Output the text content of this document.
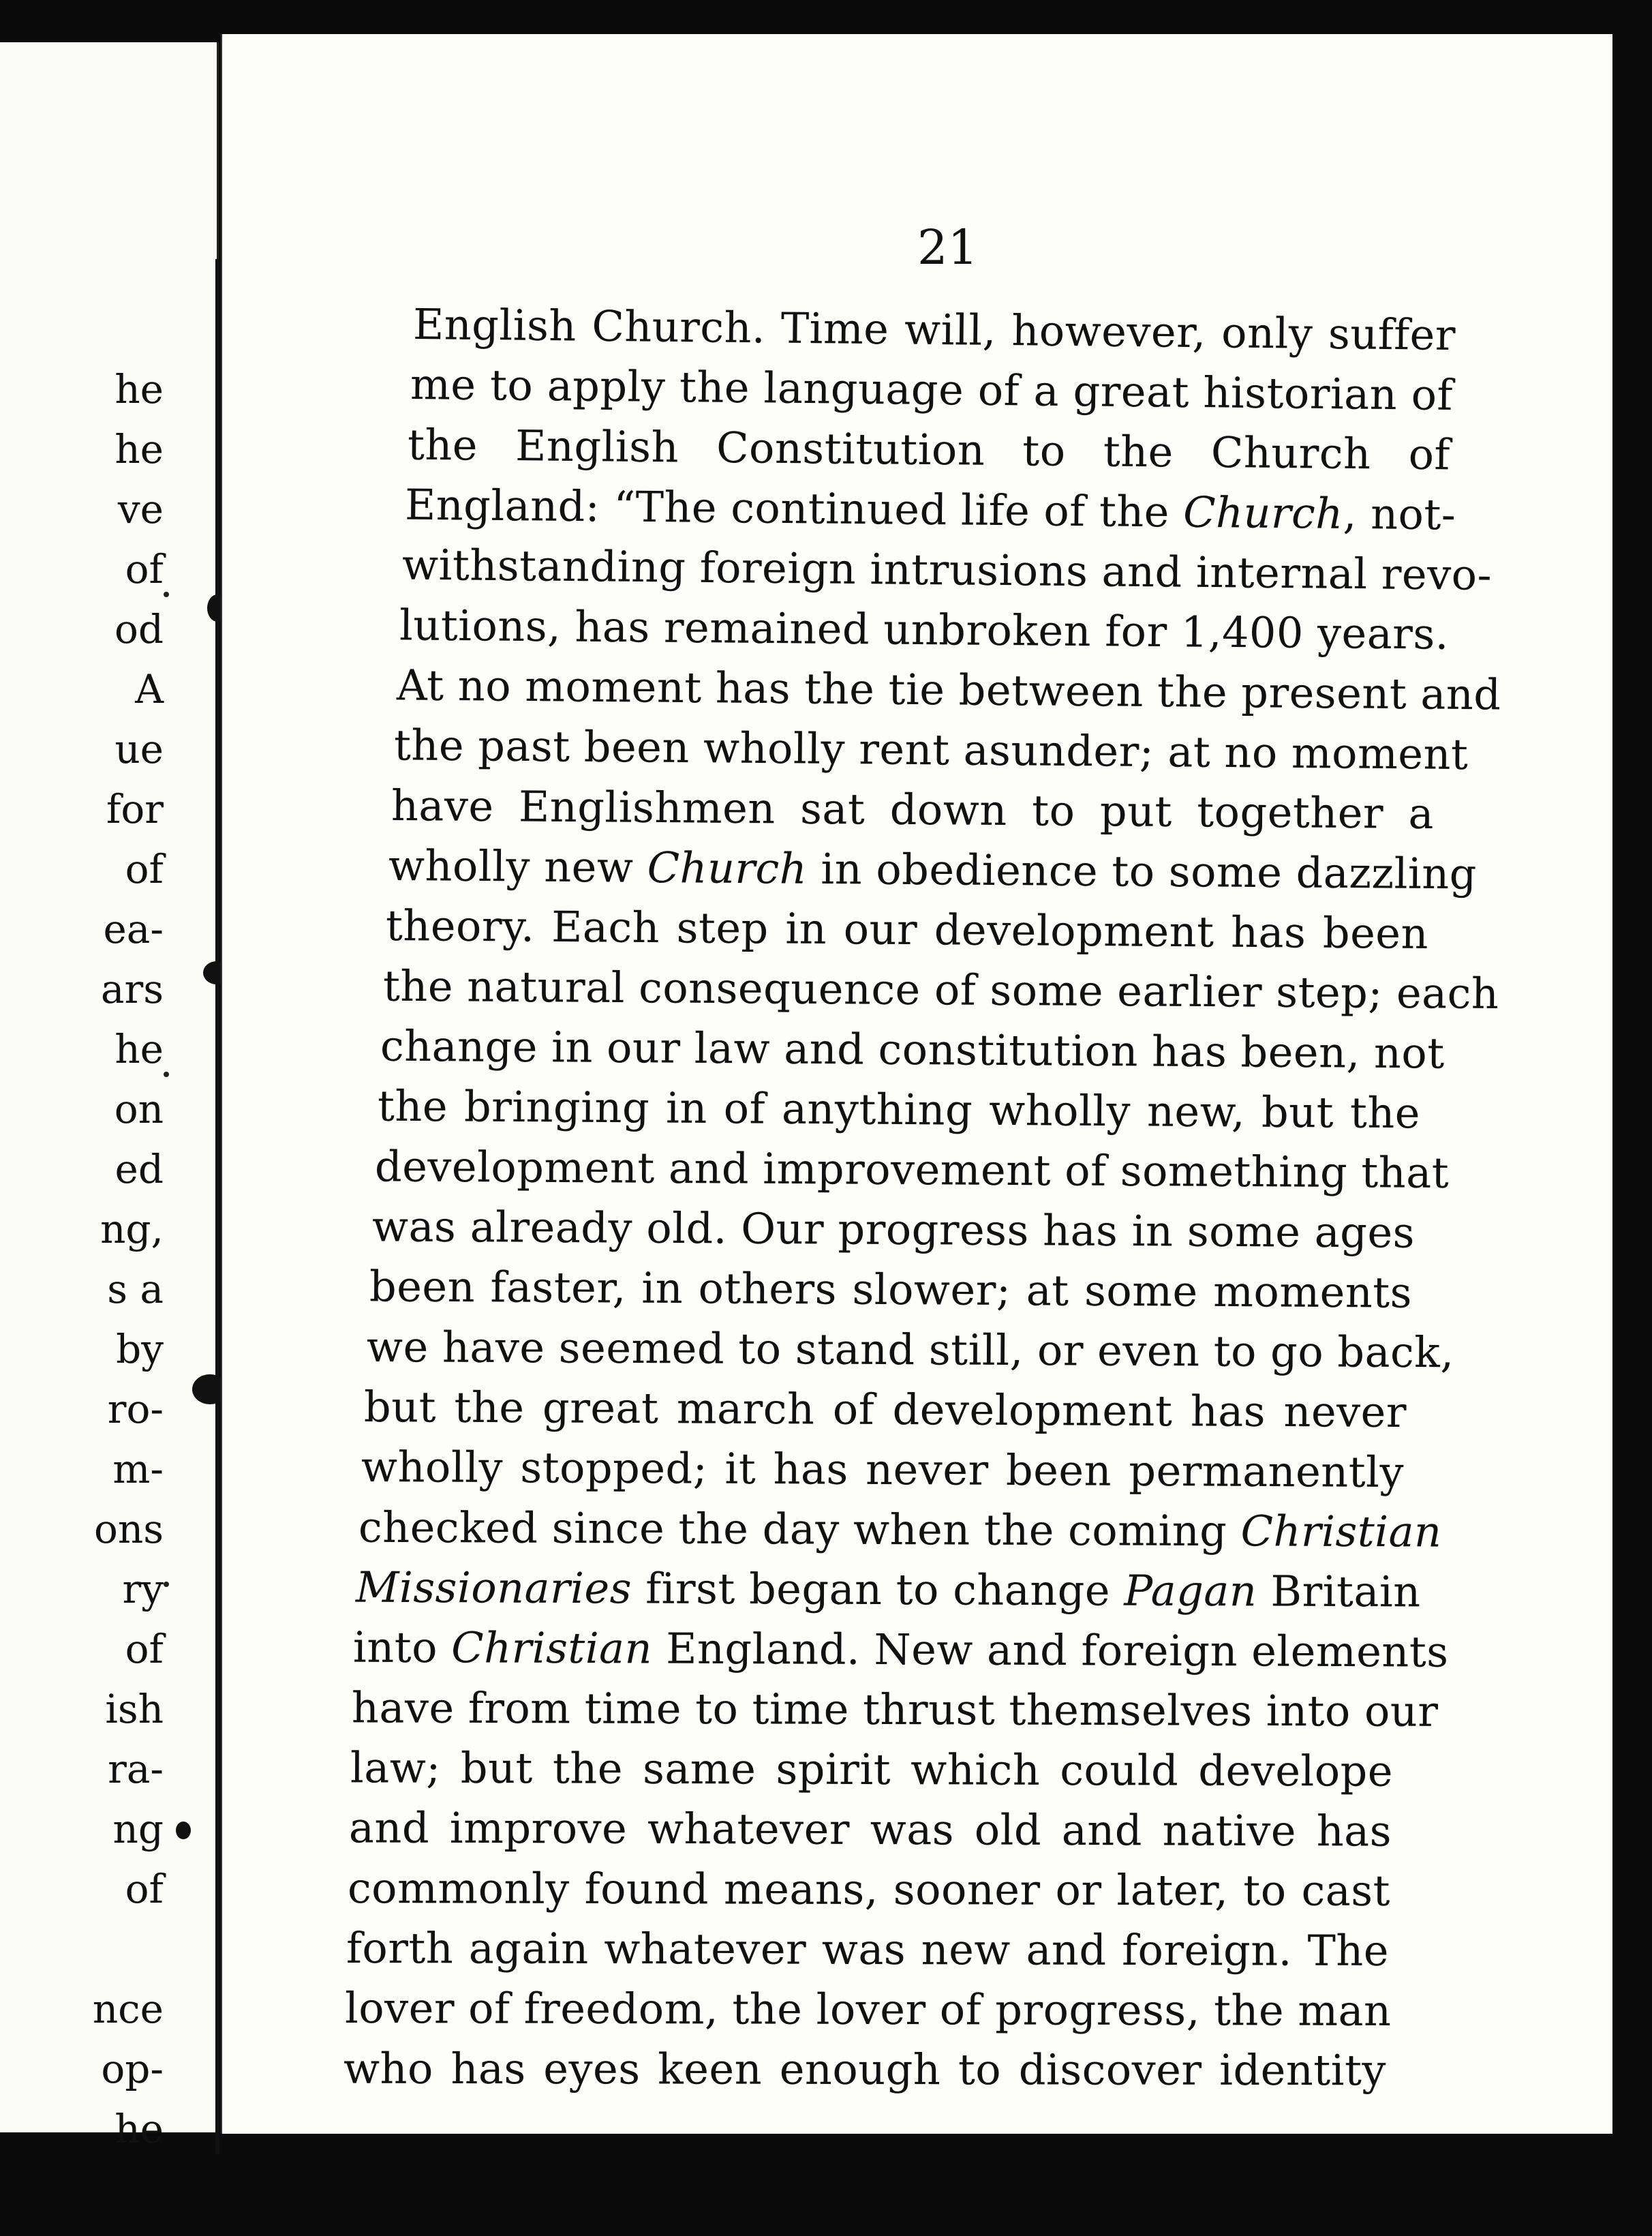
he
he
ve
of
od
A
ue
for
of
ea-
ars
he
on
ed
ng,
s a
by
ro-
m-
ons
ry
of
ish
ra-
ng
of
nce
op-
he
21
English Church. Time will, however, only suffer
me to apply the language of a great historian of
the English Constitution to the Church of
England: “The continued life of the Church, not-
withstanding foreign intrusions and internal revo-
lutions, has remained unbroken for 1,400 years.
At no moment has the tie between the present and
the past been wholly rent asunder; at no moment
have Englishmen sat down to put together a
wholly new Church in obedience to some dazzling
theory. Each step in our development has been
the natural consequence of some earlier step; each
change in our law and constitution has been, not
the bringing in of anything wholly new, but the
development and improvement of something that
was already old. Our progress has in some ages
been faster, in others slower; at some moments
we have seemed to stand still, or even to go back,
but the great march of development has never
wholly stopped; it has never been permanently
checked since the day when the coming Christian
Missionaries first began to change Pagan Britain
into Christian England. New and foreign elements
have from time to time thrust themselves into our
law; but the same spirit which could develope
and improve whatever was old and native has
commonly found means, sooner or later, to cast
forth again whatever was new and foreign. The
lover of freedom, the lover of progress, the man
who has eyes keen enough to discover identity
